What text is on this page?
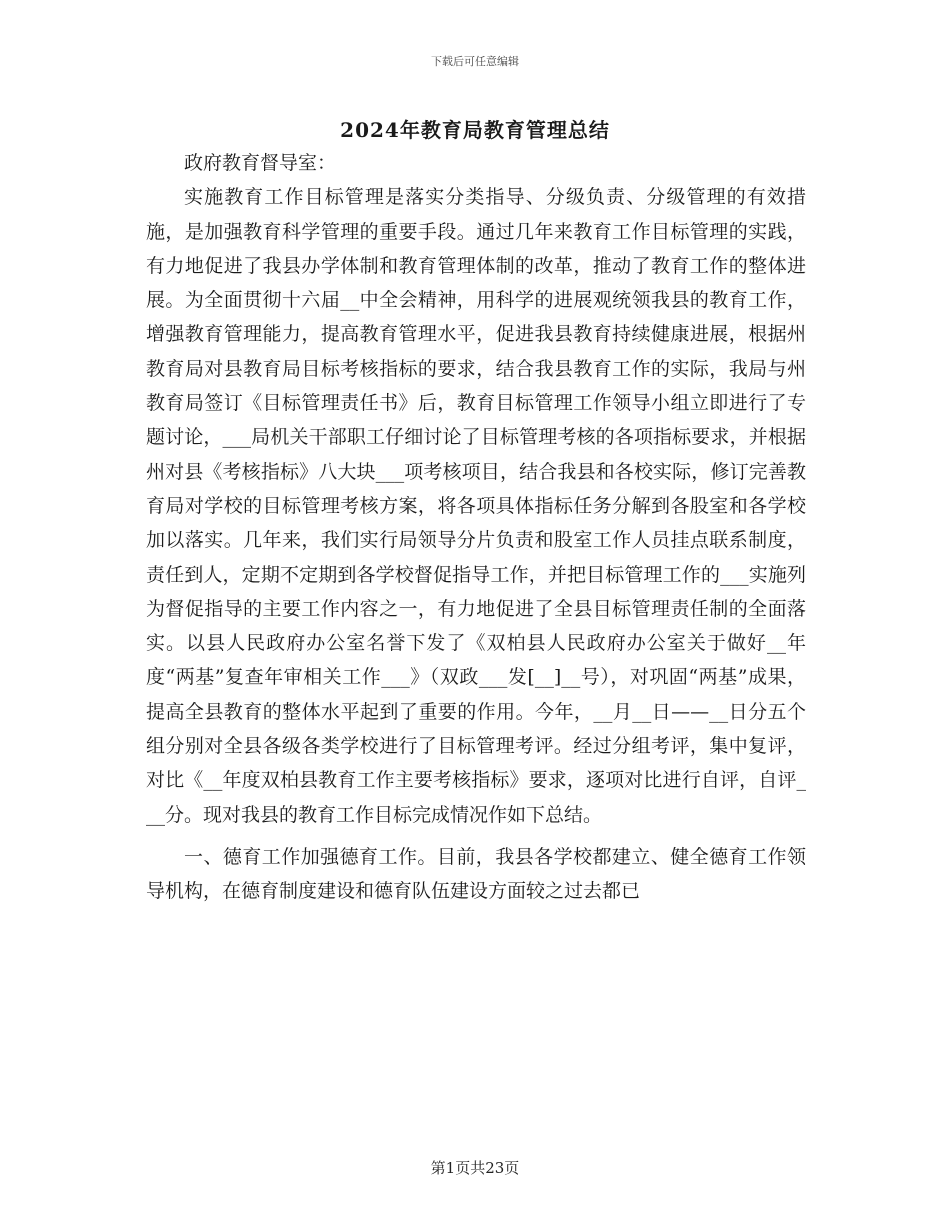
下载后可任意编辑
2024年教育局教育管理总结

政府教育督导室：

实施教育工作目标管理是落实分类指导、分级负责、分级管理的有效措施，是加强教育科学管理的重要手段。通过几年来教育工作目标管理的实践，有力地促进了我县办学体制和教育管理体制的改革，推动了教育工作的整体进展。为全面贯彻十六届__中全会精神，用科学的进展观统领我县的教育工作，增强教育管理能力，提高教育管理水平，促进我县教育持续健康进展，根据州教育局对县教育局目标考核指标的要求，结合我县教育工作的实际，我局与州教育局签订《目标管理责任书》后，教育目标管理工作领导小组立即进行了专题讨论，___局机关干部职工仔细讨论了目标管理考核的各项指标要求，并根据州对县《考核指标》八大块___项考核项目，结合我县和各校实际，修订完善教育局对学校的目标管理考核方案，将各项具体指标任务分解到各股室和各学校加以落实。几年来，我们实行局领导分片负责和股室工作人员挂点联系制度，责任到人，定期不定期到各学校督促指导工作，并把目标管理工作的___实施列为督促指导的主要工作内容之一，有力地促进了全县目标管理责任制的全面落实。以县人民政府办公室名誉下发了《双柏县人民政府办公室关于做好__年度“两基”复查年审相关工作___》（双政___发[__]__号），对巩固“两基”成果，提高全县教育的整体水平起到了重要的作用。今年，__月__日——__日分五个组分别对全县各级各类学校进行了目标管理考评。经过分组考评，集中复评，对比《__年度双柏县教育工作主要考核指标》要求，逐项对比进行自评，自评___分。现对我县的教育工作目标完成情况作如下总结。

一、德育工作加强德育工作。目前，我县各学校都建立、健全德育工作领导机构，在德育制度建设和德育队伍建设方面较之过去都已

第1页共23页
